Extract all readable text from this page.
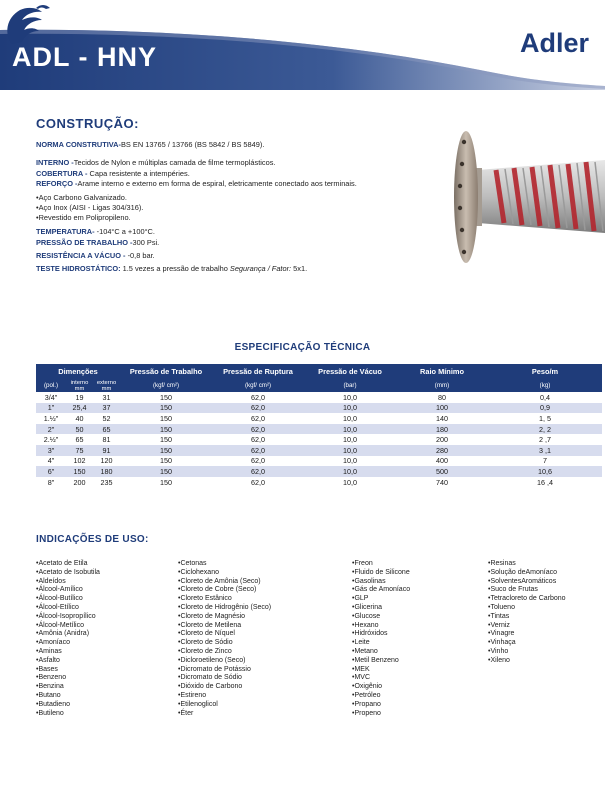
ADL - HNY	Adler
CONSTRUÇÃO:
NORMA CONSTRUTIVA-BS EN 13765 / 13766 (BS 5842 / BS 5849).
INTERNO -Tecidos de Nylon e múltiplas camada de filme termoplásticos.
COBERTURA - Capa resistente a intempéries.
REFORÇO -Arame interno e externo em forma de espiral, eletricamente conectado aos terminais.
•Aço Carbono Galvanizado.
•Aço Inox (AISI - Ligas 304/316).
•Revestido em Polipropileno.
TEMPERATURA- -104°C a +100°C.
PRESSÃO DE TRABALHO -300 Psi.
RESISTÊNCIA A VÁCUO - -0,8 bar.
TESTE HIDROSTÁTICO: 1.5 vezes a pressão de trabalho Segurança / Fator: 5x1.
ESPECIFICAÇÃO TÉCNICA
Dimenções			Pressão de Trabalho	Pressão de Ruptura	Pressão de Vácuo	Raio Mínimo	Peso/m
(pol.)	interno mm	externo mm	(kgf/ cm²)	(kgf/ cm²)	(bar)	(mm)	(kg)
3/4"	19	31	150	62,0	10,0	80	0,4
1"	25,4	37	150	62,0	10,0	100	0,9
1.½"	40	52	150	62,0	10,0	140	1, 5
2"	50	65	150	62,0	10,0	180	2, 2
2.½"	65	81	150	62,0	10,0	200	2 ,7
3"	75	91	150	62,0	10,0	280	3 ,1
4"	102	120	150	62,0	10,0	400	7
6"	150	180	150	62,0	10,0	500	10,6
8"	200	235	150	62,0	10,0	740	16 ,4
INDICAÇÕES DE USO:
•Acetato de Etila
•Acetato de Isobutila
•Aldeídos
•Álcool-Amílico
•Álcool-Butílico
•Álcool-Etílico
•Álcool-Isopropílico
•Álcool-Metílico
•Amônia (Anidra)
•Amoníaco
•Aminas
•Asfalto
•Bases
•Benzeno
•Benzina
•Butano
•Butadieno
•Butileno
•Cetonas
•Ciclohexano
•Cloreto de Amônia (Seco)
•Cloreto de Cobre (Seco)
•Cloreto Estânico
•Cloreto de Hidrogênio (Seco)
•Cloreto de Magnésio
•Cloreto de Metilena
•Cloreto de Níquel
•Cloreto de Sódio
•Cloreto de Zinco
•Dicloroetileno (Seco)
•Dicromato de Potássio
•Dicromato de Sódio
•Dióxido de Carbono
•Estireno
•Etilenoglicol
•Éter
•Freon
•Fluido de Silicone
•Gasolinas
•Gás de Amoníaco
•GLP
•Glicerina
•Glucose
•Hexano
•Hidróxidos
•Leite
•Metano
•Metil Benzeno
•MEK
•MVC
•Oxigênio
•Petróleo
•Propano
•Propeno
•Resinas
•Solução deAmoníaco
•SolventesAromáticos
•Suco de Frutas
•Tetracloreto de Carbono
•Tolueno
•Tintas
•Verniz
•Vinagre
•Vinhaça
•Vinho
•Xileno
